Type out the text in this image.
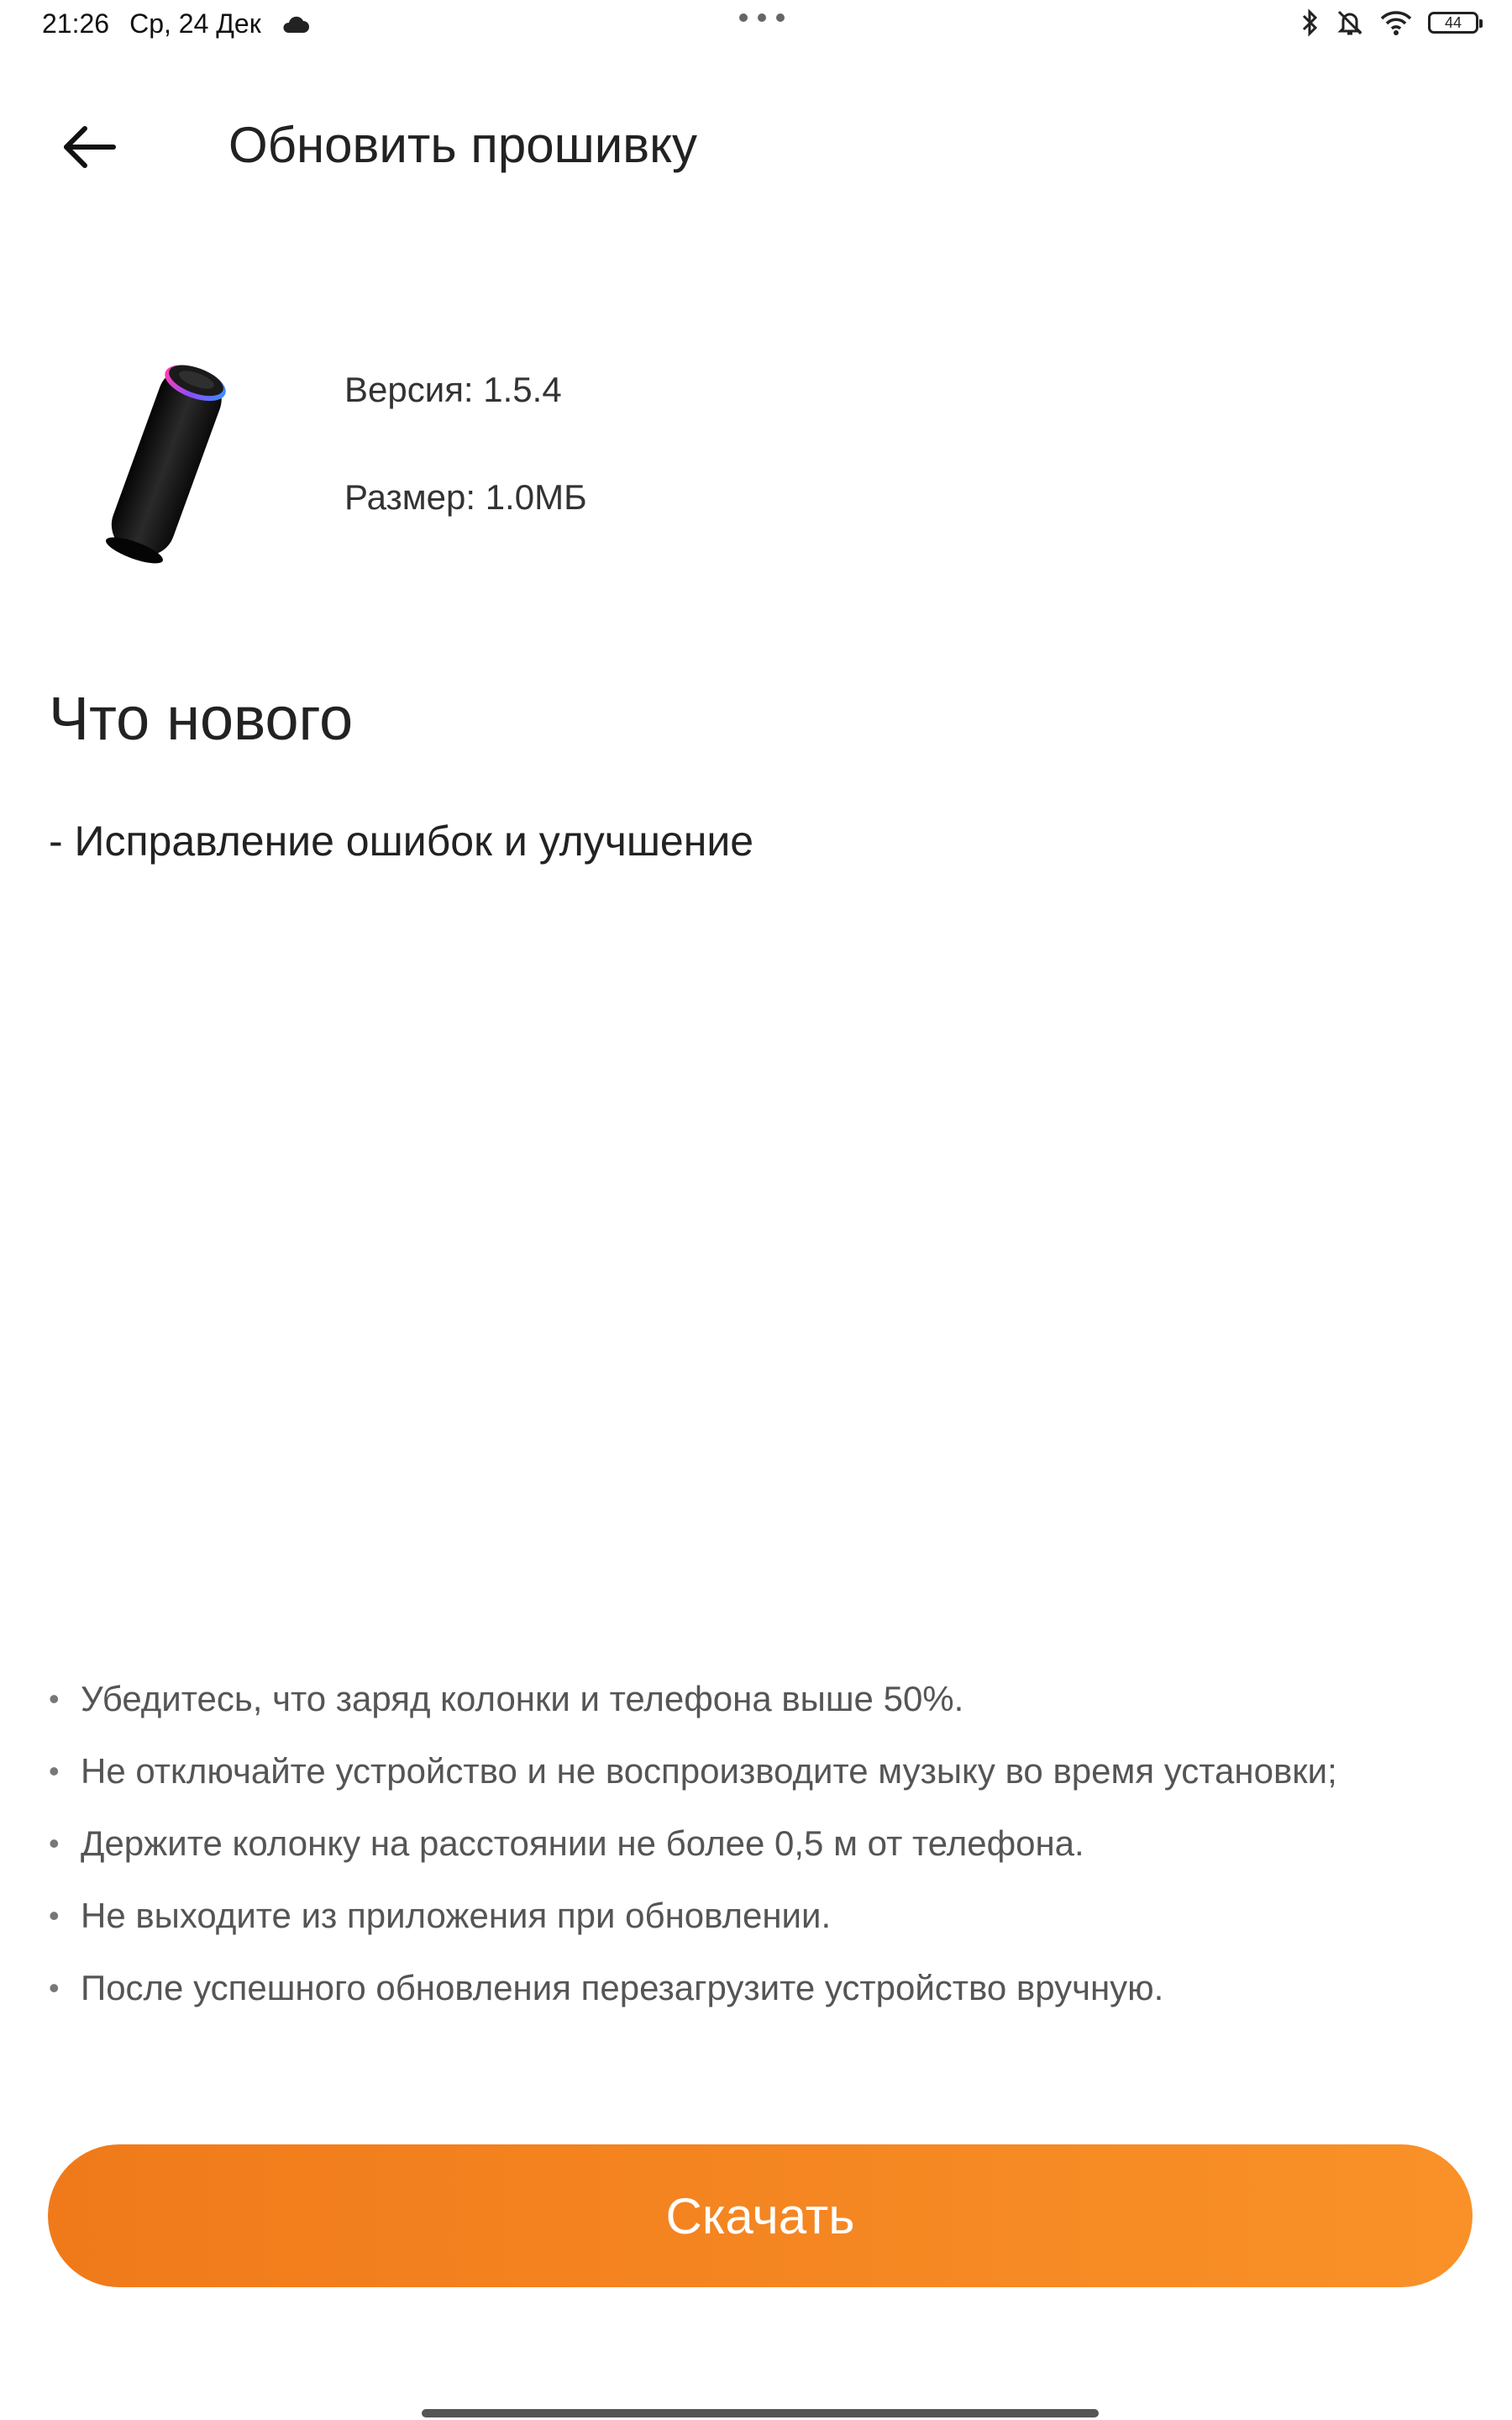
21:26 Ср, 24 Дек	44
Обновить прошивку

Версия: 1.5.4

Размер: 1.0МБ

Что нового
- Исправление ошибок и улучшение
• Убедитесь, что заряд колонки и телефона выше 50%.
• Не отключайте устройство и не воспроизводите музыку во время установки;
• Держите колонку на расстоянии не более 0,5 м от телефона.
• Не выходите из приложения при обновлении.
• После успешного обновления перезагрузите устройство вручную.
Скачать
